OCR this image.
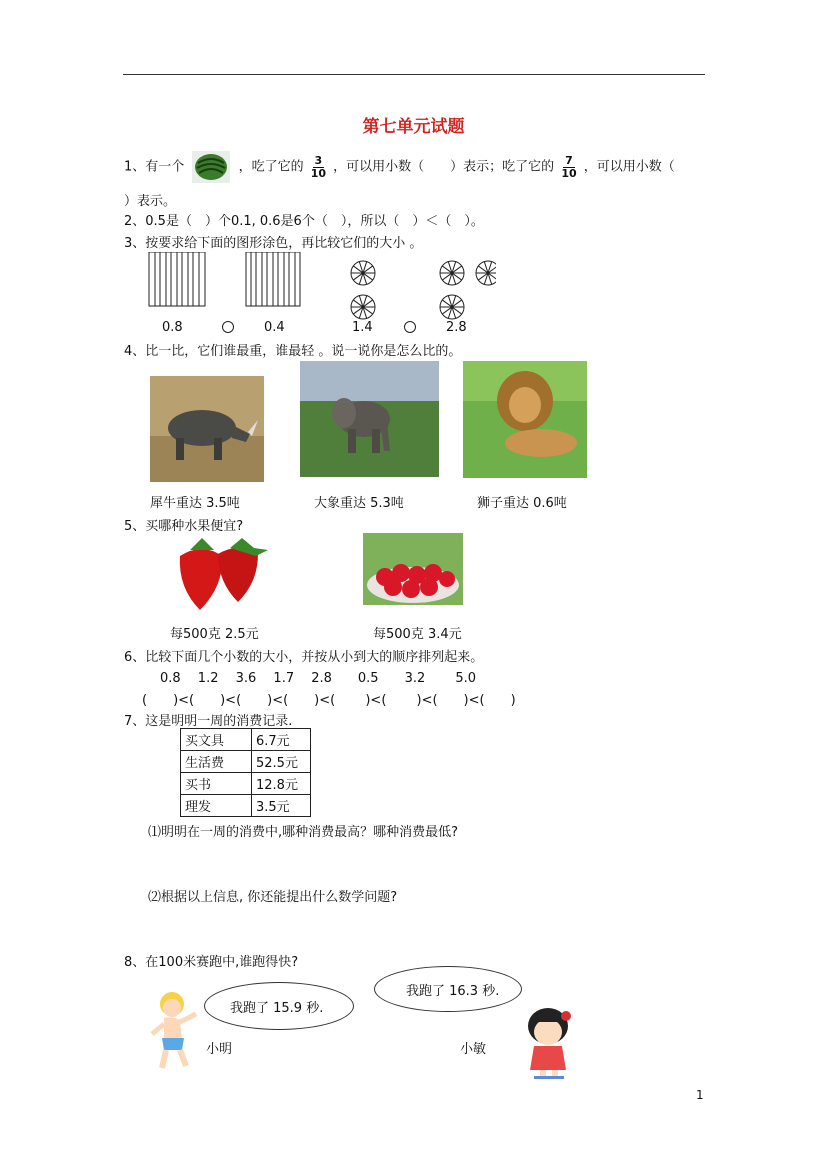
第七单元试题
1、有一个	，吃了它的 $\frac{3}{10}$ ，可以用小数（　　）表示；吃了它的 $\frac{7}{10}$ ，可以用小数（
）表示。
2、0.5是（　）个0.1, 0.6是6个（　），所以（　）＜（　）。
3、按要求给下面的图形涂色，再比较它们的大小 。
0.8	0.4	1.4	2.8
4、比一比，它们谁最重，谁最轻 。说一说你是怎么比的。
犀牛重达 3.5吨	大象重达 5.3吨	狮子重达 0.6吨
5、买哪种水果便宜?
每500克 2.5元	每500克 3.4元
6、比较下面几个小数的大小，并按从小到大的顺序排列起来。
0.8　 1.2　 3.6　 1.7　 2.8　　0.5　　3.2　　 5.0
(　　)<(　　)<(　　)<(　　)<(　　 )<(　　 )<(　　)<(　　)
7、这是明明一周的消费记录.
买文具	6.7元
生活费	52.5元
买书	12.8元
理发	3.5元
⑴明明在一周的消费中,哪种消费最高？哪种消费最低?
⑵根据以上信息, 你还能提出什么数学问题?
8、在100米赛跑中,谁跑得快?
我跑了 15.9 秒.
我跑了 16.3 秒.
小明	小敏
1
